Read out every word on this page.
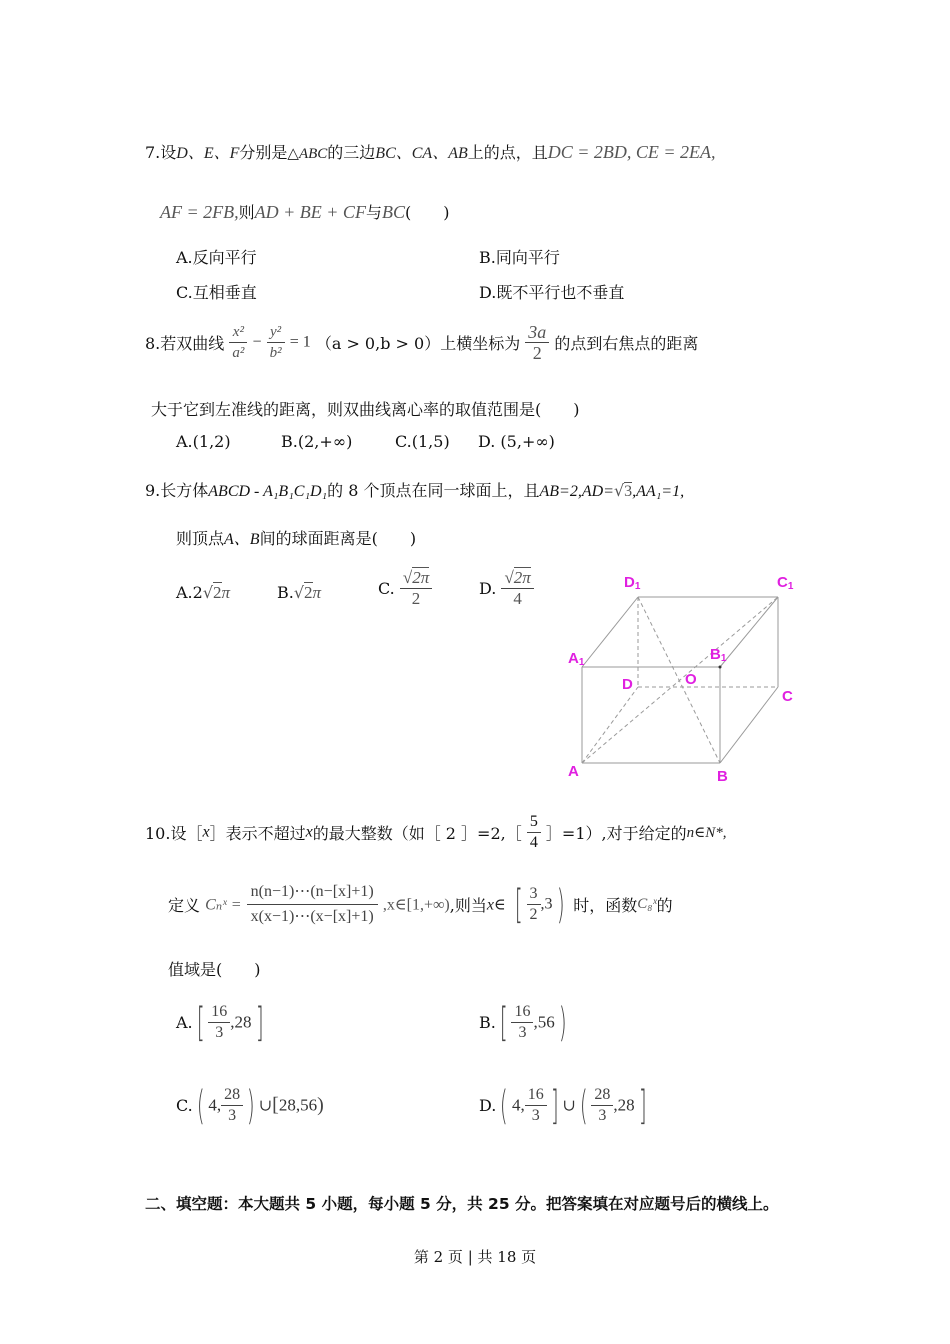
7.设D、E、F分别是△ABC的三边BC、CA、AB上的点，且DC = 2BD, CE = 2EA,
AF = 2FB,则AD + BE + CF与BC(　　)
A.反向平行	B.同向平行
C.互相垂直	D.既不平行也不垂直
8.若双曲线 $\frac{\text{x²}}{\text{a²}} - \frac{\text{y²}}{\text{b²}} = 1$ （a > 0,b > 0）上横坐标为 $\frac{3a}{2}$ 的点到右焦点的距离
大于它到左准线的距离，则双曲线离心率的取值范围是(　　)
A.(1,2)	B.(2,+∞)	C.(1,5) D. (5,+∞)
9.长方体ABCD - A₁B₁C₁D₁的 8 个顶点在同一球面上，且AB=2,AD=√3,AA₁=1,
则顶点A、B间的球面距离是(　　)
A.2√2π	B.√2π	C. $\frac{√2\pi}{2}$	D. $\frac{√2\pi}{4}$	D1	C1
A1	B1
D	O
C
A	B
10.设［x］表示不超过x的最大整数（如［ 2 ］=2,［ $\frac{5}{4}$ ］=1）,对于给定的n∈N*,
定义 Cₙˣ = $\frac{n(n-1)\cdots(n-[x]+1)}{x(x-1)\cdots(x-[x]+1)}$ ,x∈[1,+∞),则当x∈ [ $\frac{3}{2} ,3$) 时，函数C₈ˣ的
值域是(　　)
$A.[ \frac{16}{3} ,28]$	$B.[ \frac{16}{3} ,56)$
C.( 4, $\frac{28}{3}$ ) ∪[28,56)	D.( 4, $\frac{16}{3}$ ] ∪( $\frac{28}{3} ,28$]
二、填空题：本大题共 5 小题，每小题 5 分，共 25 分。把答案填在对应题号后的横线上。
第 2 页 | 共 18 页
